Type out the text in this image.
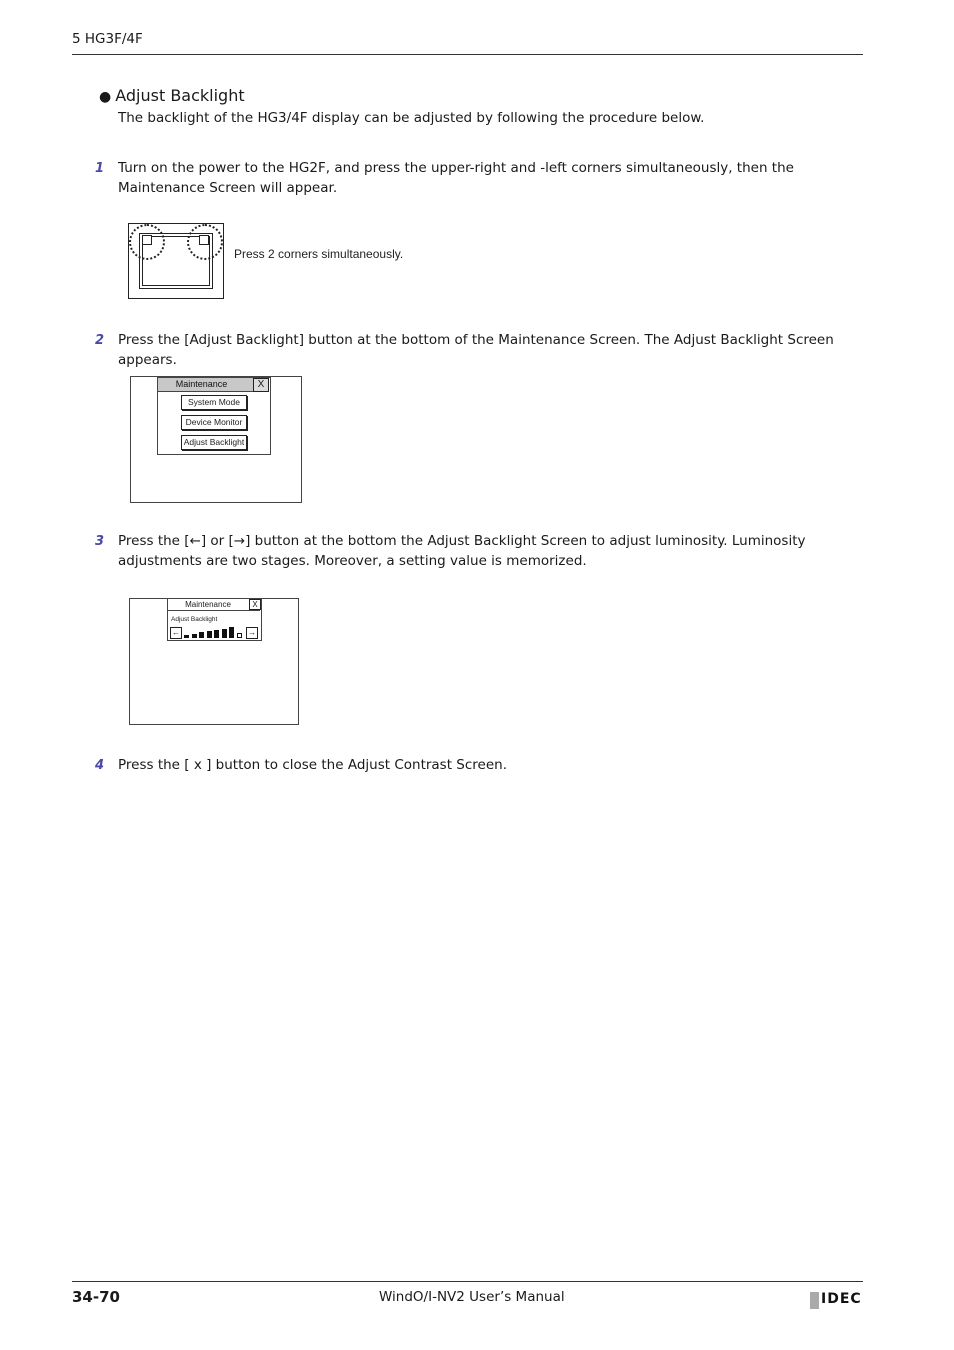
5 HG3F/4F
● Adjust Backlight
The backlight of the HG3/4F display can be adjusted by following the procedure below.
1 Turn on the power to the HG2F, and press the upper-right and -left corners simultaneously, then the Maintenance Screen will appear.
Press 2 corners simultaneously.
2 Press the [Adjust Backlight] button at the bottom of the Maintenance Screen. The Adjust Backlight Screen appears.
Maintenance	X
System Mode
Device Monitor
Adjust Backlight
3 Press the [←] or [→] button at the bottom the Adjust Backlight Screen to adjust luminosity. Luminosity adjustments are two stages. Moreover, a setting value is memorized.
Maintenance	X
Adjust Backlight
←	→
4 Press the [ x ] button to close the Adjust Contrast Screen.
34-70	WindO/I-NV2 User’s Manual	IDEC
